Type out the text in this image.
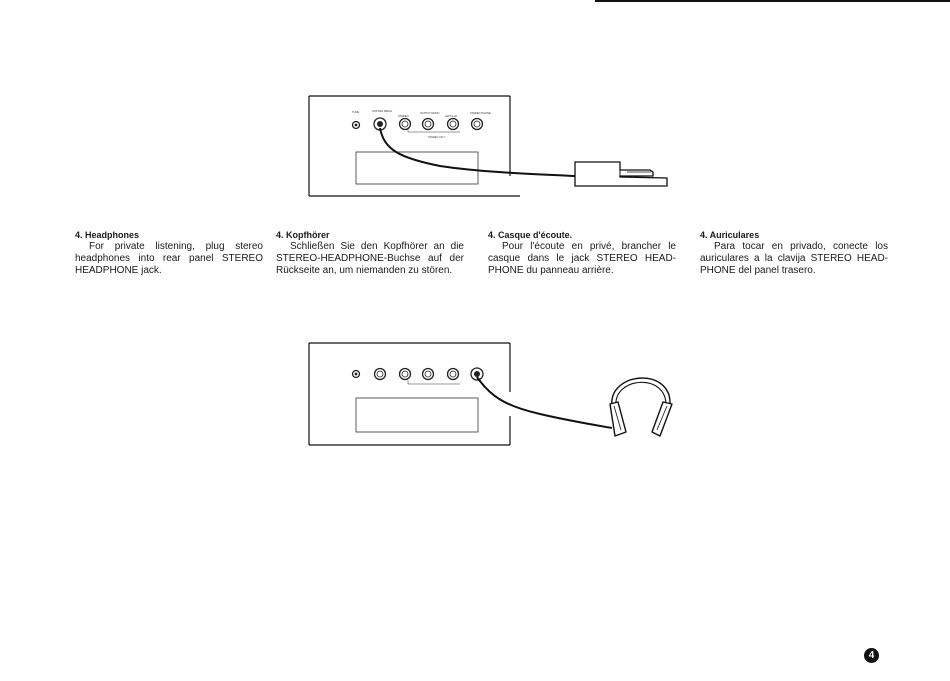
TUNE	SUSTAIN PEDAL
STEREO
OUTPUT MONO
LEFT/L+R
STEREO PHONE
STEREO OUT
4. Headphones

For private listening, plug stereo headphones into rear panel STEREO HEADPHONE jack.

4. Kopfhörer

Schließen Sie den Kopfhörer an die STEREO-HEADPHONE-Buchse auf der Rückseite an, um niemanden zu stören.

4. Casque d'écoute.

Pour l'écoute en privé, brancher le casque dans le jack STEREO HEAD-PHONE du panneau arrière.

4. Auriculares

Para tocar en privado, conecte los auriculares a la clavija STEREO HEAD-PHONE del panel trasero.

4
